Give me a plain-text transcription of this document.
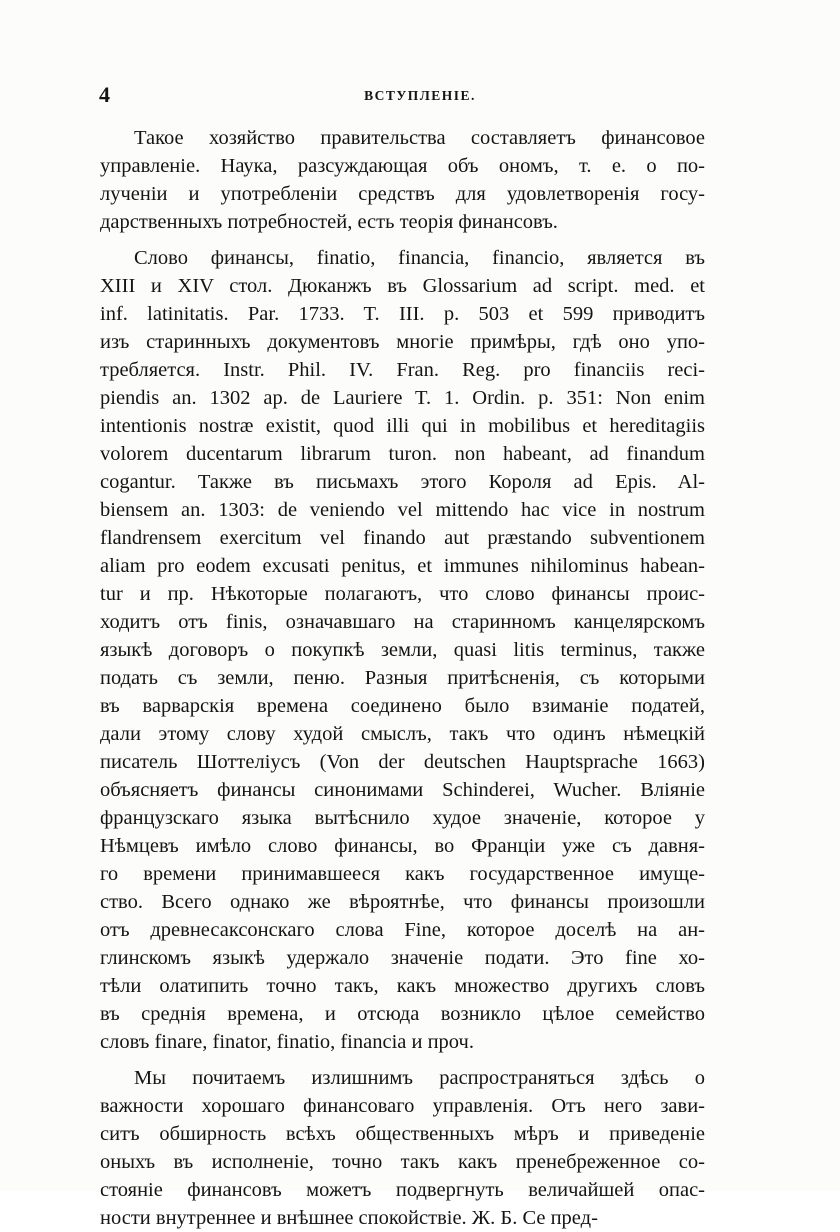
4	ВСТУПЛЕНІЕ.
Такое хозяйство правительства составляетъ финансовое
управленіе. Наука, разсуждающая объ ономъ, т. е. о по-
лученіи и употребленіи средствъ для удовлетворенія госу-
дарственныхъ потребностей, есть теорія финансовъ.
Слово финансы, finatio, financia, financio, является въ
XIII и XIV стол. Дюканжъ въ Glossarium ad script. med. et
inf. latinitatis. Par. 1733. T. III. p. 503 et 599 приводитъ
изъ старинныхъ документовъ многіе примѣры, гдѣ оно упо-
требляется. Instr. Phil. IV. Fran. Reg. pro financiis reci-
piendis an. 1302 ap. de Lauriere T. 1. Ordin. p. 351: Non enim
intentionis nostræ existit, quod illi qui in mobilibus et hereditagiis
volorem ducentarum librarum turon. non habeant, ad finandum
cogantur. Также въ письмахъ этого Короля ad Epis. Al-
biensem an. 1303: de veniendo vel mittendo hac vice in nostrum
flandrensem exercitum vel finando aut præstando subventionem
aliam pro eodem excusati penitus, et immunes nihilominus habean-
tur и пр. Нѣкоторые полагаютъ, что слово финансы проис-
ходитъ отъ finis, означавшаго на старинномъ канцелярскомъ
языкѣ договоръ о покупкѣ земли, quasi litis terminus, также
подать съ земли, пеню. Разныя притѣсненія, съ которыми
въ варварскія времена соединено было взиманіе податей,
дали этому слову худой смыслъ, такъ что одинъ нѣмецкій
писатель Шоттелiусъ (Von der deutschen Hauptsprache 1663)
объясняетъ финансы синонимами Schinderei, Wucher. Вліяніе
французскаго языка вытѣснило худое значеніе, которое у
Нѣмцевъ имѣло слово финансы, во Франціи уже съ давня-
го времени принимавшееся какъ государственное имуще-
ство. Всего однако же вѣроятнѣе, что финансы произошли
отъ древнесаксонскаго слова Fine, которое доселѣ на ан-
глинскомъ языкѣ удержало значеніе подати. Это fine хо-
тѣли олатипить точно такъ, какъ множество другихъ словъ
въ среднія времена, и отсюда возникло цѣлое семейство
словъ finare, finator, finatio, financia и проч.
Мы почитаемъ излишнимъ распространяться здѣсь о
важности хорошаго финансоваго управленія. Отъ него зави-
ситъ обширность всѣхъ общественныхъ мѣръ и приведеніе
оныхъ въ исполненіе, точно такъ какъ пренебреженное со-
стояніе финансовъ можетъ подвергнуть величайшей опас-
ности внутреннее и внѣшнее спокойствіе. Ж. Б. Се пред-
